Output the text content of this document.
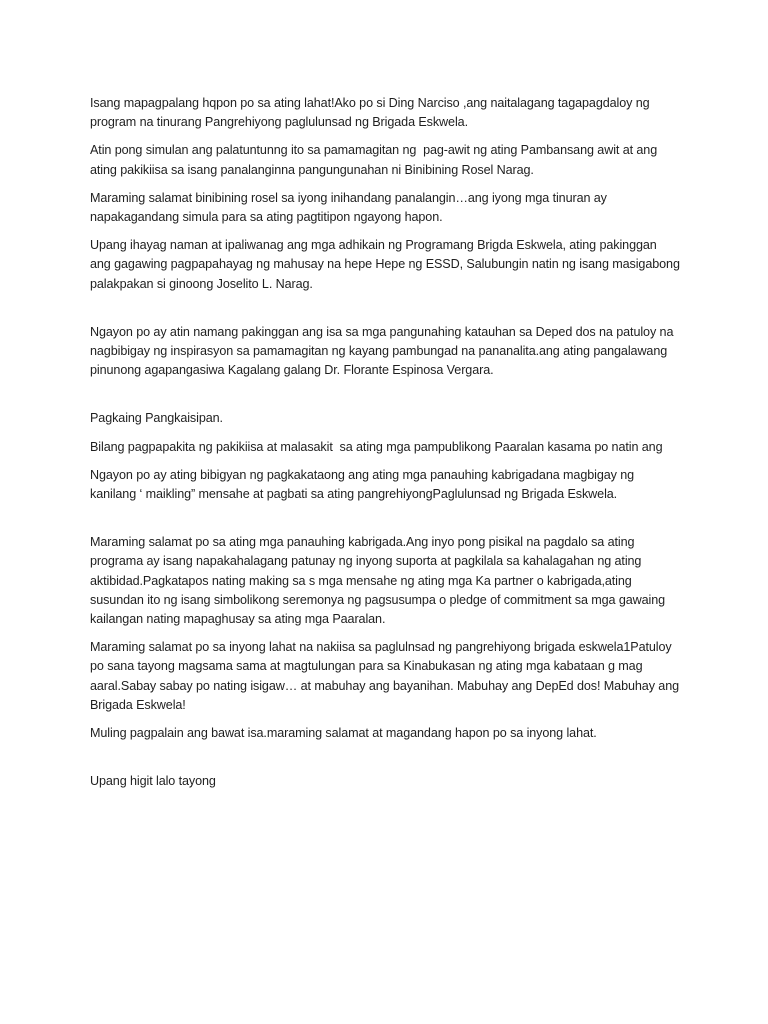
Isang mapagpalang hqpon po sa ating lahat!Ako po si Ding Narciso ,ang naitalagang tagapagdaloy ng program na tinurang Pangrehiyong paglulunsad ng Brigada Eskwela.

Atin pong simulan ang palatuntunng ito sa pamamagitan ng  pag-awit ng ating Pambansang awit at ang ating pakikiisa sa isang panalanginna pangungunahan ni Binibining Rosel Narag.

Maraming salamat binibining rosel sa iyong inihandang panalangin…ang iyong mga tinuran ay napakagandang simula para sa ating pagtitipon ngayong hapon.

Upang ihayag naman at ipaliwanag ang mga adhikain ng Programang Brigda Eskwela, ating pakinggan ang gagawing pagpapahayag ng mahusay na hepe Hepe ng ESSD, Salubungin natin ng isang masigabong palakpakan si ginoong Joselito L. Narag.

Ngayon po ay atin namang pakinggan ang isa sa mga pangunahing katauhan sa Deped dos na patuloy na nagbibigay ng inspirasyon sa pamamagitan ng kayang pambungad na pananalita.ang ating pangalawang pinunong agapangasiwa Kagalang galang Dr. Florante Espinosa Vergara.

Pagkaing Pangkaisipan.

Bilang pagpapakita ng pakikiisa at malasakit  sa ating mga pampublikong Paaralan kasama po natin ang

Ngayon po ay ating bibigyan ng pagkakataong ang ating mga panauhing kabrigadana magbigay ng kanilang ‘ maikling” mensahe at pagbati sa ating pangrehiyongPaglulunsad ng Brigada Eskwela.

Maraming salamat po sa ating mga panauhing kabrigada.Ang inyo pong pisikal na pagdalo sa ating programa ay isang napakahalagang patunay ng inyong suporta at pagkilala sa kahalagahan ng ating aktibidad.Pagkatapos nating making sa s mga mensahe ng ating mga Ka partner o kabrigada,ating susundan ito ng isang simbolikong seremonya ng pagsusumpa o pledge of commitment sa mga gawaing kailangan nating mapaghusay sa ating mga Paaralan.

Maraming salamat po sa inyong lahat na nakiisa sa paglulnsad ng pangrehiyong brigada eskwela1Patuloy po sana tayong magsama sama at magtulungan para sa Kinabukasan ng ating mga kabataan g mag aaral.Sabay sabay po nating isigaw… at mabuhay ang bayanihan. Mabuhay ang DepEd dos! Mabuhay ang Brigada Eskwela!

Muling pagpalain ang bawat isa.maraming salamat at magandang hapon po sa inyong lahat.

Upang higit lalo tayong
